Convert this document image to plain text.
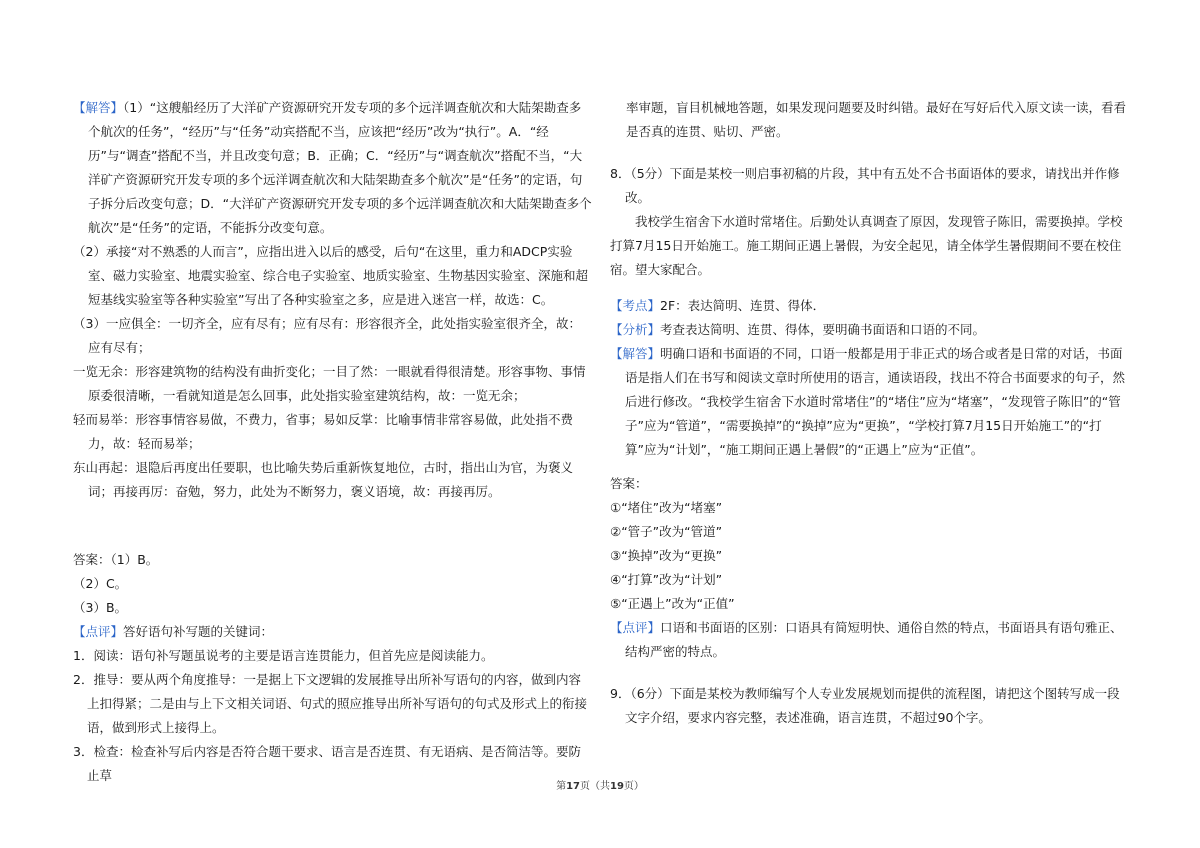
【解答】（1）“这艘船经历了大洋矿产资源研究开发专项的多个远洋调查航次和大陆架勘查多个航次的任务”，“经历”与“任务”动宾搭配不当，应该把“经历”改为“执行”。A．“经历”与“调查”搭配不当，并且改变句意；B．正确；C．“经历”与“调查航次”搭配不当，“大洋矿产资源研究开发专项的多个远洋调查航次和大陆架勘查多个航次”是“任务”的定语，句子拆分后改变句意；D．“大洋矿产资源研究开发专项的多个远洋调查航次和大陆架勘查多个航次”是“任务”的定语，不能拆分改变句意。

（2）承接“对不熟悉的人而言”，应指出进入以后的感受，后句“在这里，重力和ADCP实验室、磁力实验室、地震实验室、综合电子实验室、地质实验室、生物基因实验室、深施和超短基线实验室等各种实验室”写出了各种实验室之多，应是进入迷宫一样，故选：C。

（3）一应俱全：一切齐全，应有尽有；应有尽有：形容很齐全，此处指实验室很齐全，故：应有尽有；

一览无余：形容建筑物的结构没有曲折变化；一目了然：一眼就看得很清楚。形容事物、事情原委很清晰，一看就知道是怎么回事，此处指实验室建筑结构，故：一览无余；

轻而易举：形容事情容易做，不费力，省事；易如反掌：比喻事情非常容易做，此处指不费力，故：轻而易举；

东山再起：退隐后再度出任要职，也比喻失势后重新恢复地位，古时，指出山为官，为褒义词；再接再厉：奋勉，努力，此处为不断努力，褒义语境，故：再接再厉。

答案：（1）B。

（2）C。

（3）B。

【点评】答好语句补写题的关键词：

1．阅读：语句补写题虽说考的主要是语言连贯能力，但首先应是阅读能力。

2．推导：要从两个角度推导：一是据上下文逻辑的发展推导出所补写语句的内容，做到内容上扣得紧；二是由与上下文相关词语、句式的照应推导出所补写语句的句式及形式上的衔接语，做到形式上接得上。

3．检查：检查补写后内容是否符合题干要求、语言是否连贯、有无语病、是否简洁等。要防止草

率审题，盲目机械地答题，如果发现问题要及时纠错。最好在写好后代入原文读一读，看看是否真的连贯、贴切、严密。

8．（5分）下面是某校一则启事初稿的片段，其中有五处不合书面语体的要求，请找出并作修改。

我校学生宿舍下水道时常堵住。后勤处认真调查了原因，发现管子陈旧，需要换掉。学校打算7月15日开始施工。施工期间正遇上暑假，为安全起见，请全体学生暑假期间不要在校住宿。望大家配合。

【考点】2F：表达简明、连贯、得体．

【分析】考查表达简明、连贯、得体，要明确书面语和口语的不同。

【解答】明确口语和书面语的不同，口语一般都是用于非正式的场合或者是日常的对话，书面语是指人们在书写和阅读文章时所使用的语言，通读语段，找出不符合书面要求的句子，然后进行修改。“我校学生宿舍下水道时常堵住”的“堵住”应为“堵塞”，“发现管子陈旧”的“管子”应为“管道”，“需要换掉”的“换掉”应为“更换”，“学校打算7月15日开始施工”的“打算”应为“计划”，“施工期间正遇上暑假”的“正遇上”应为“正值”。

答案：

①“堵住”改为“堵塞”

②“管子”改为“管道”

③“换掉”改为“更换”

④“打算”改为“计划”

⑤“正遇上”改为“正值”

【点评】口语和书面语的区别：口语具有简短明快、通俗自然的特点，书面语具有语句雅正、结构严密的特点。

9．（6分）下面是某校为教师编写个人专业发展规划而提供的流程图，请把这个图转写成一段文字介绍，要求内容完整，表述准确，语言连贯，不超过90个字。

第17页（共19页）
